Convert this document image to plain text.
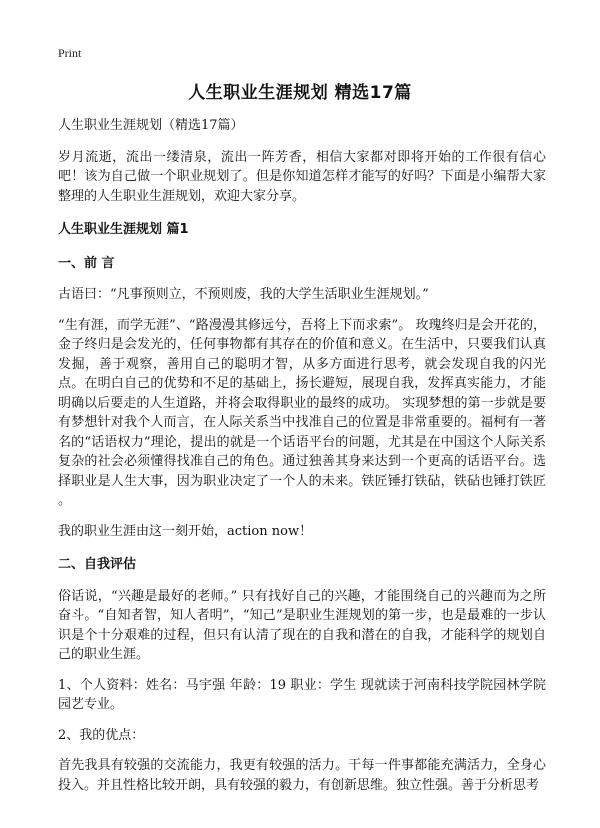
Print
人生职业生涯规划 精选17篇

人生职业生涯规划（精选17篇）

岁月流逝，流出一缕清泉，流出一阵芳香，相信大家都对即将开始的工作很有信心吧！该为自己做一个职业规划了。但是你知道怎样才能写的好吗？下面是小编帮大家整理的人生职业生涯规划，欢迎大家分享。

人生职业生涯规划 篇1

一、前 言

古语曰：“凡事预则立，不预则废，我的大学生活职业生涯规划。”

“生有涯，而学无涯”、“路漫漫其修远兮，吾将上下而求索”。 玫瑰终归是会开花的，金子终归是会发光的，任何事物都有其存在的价值和意义。在生活中，只要我们认真发掘，善于观察，善用自己的聪明才智，从多方面进行思考，就会发现自我的闪光点。在明白自己的优势和不足的基础上，扬长避短，展现自我，发挥真实能力，才能明确以后要走的人生道路，并将会取得职业的最终的成功。 实现梦想的第一步就是要有梦想针对我个人而言，在人际关系当中找准自己的位置是非常重要的。福柯有一著名的“话语权力”理论，提出的就是一个话语平台的问题，尤其是在中国这个人际关系复杂的社会必须懂得找准自己的角色。通过独善其身来达到一个更高的话语平台。选择职业是人生大事，因为职业决定了一个人的未来。铁匠锤打铁砧，铁砧也锤打铁匠 。

我的职业生涯由这一刻开始，action now！

二、自我评估

俗话说，“兴趣是最好的老师。” 只有找好自己的兴趣，才能围绕自己的兴趣而为之所奋斗。“自知者智，知人者明”，“知己”是职业生涯规划的第一步，也是最难的一步认识是个十分艰难的过程，但只有认清了现在的自我和潜在的自我，才能科学的规划自己的职业生涯。

1、个人资料：姓名：马宇强 年龄：19 职业：学生 现就读于河南科技学院园林学院园艺专业。

2、我的优点：

首先我具有较强的交流能力，我更有较强的活力。干每一件事都能充满活力，全身心投入。并且性格比较开朗，具有较强的毅力，有创新思维。独立性强。善于分析思考
